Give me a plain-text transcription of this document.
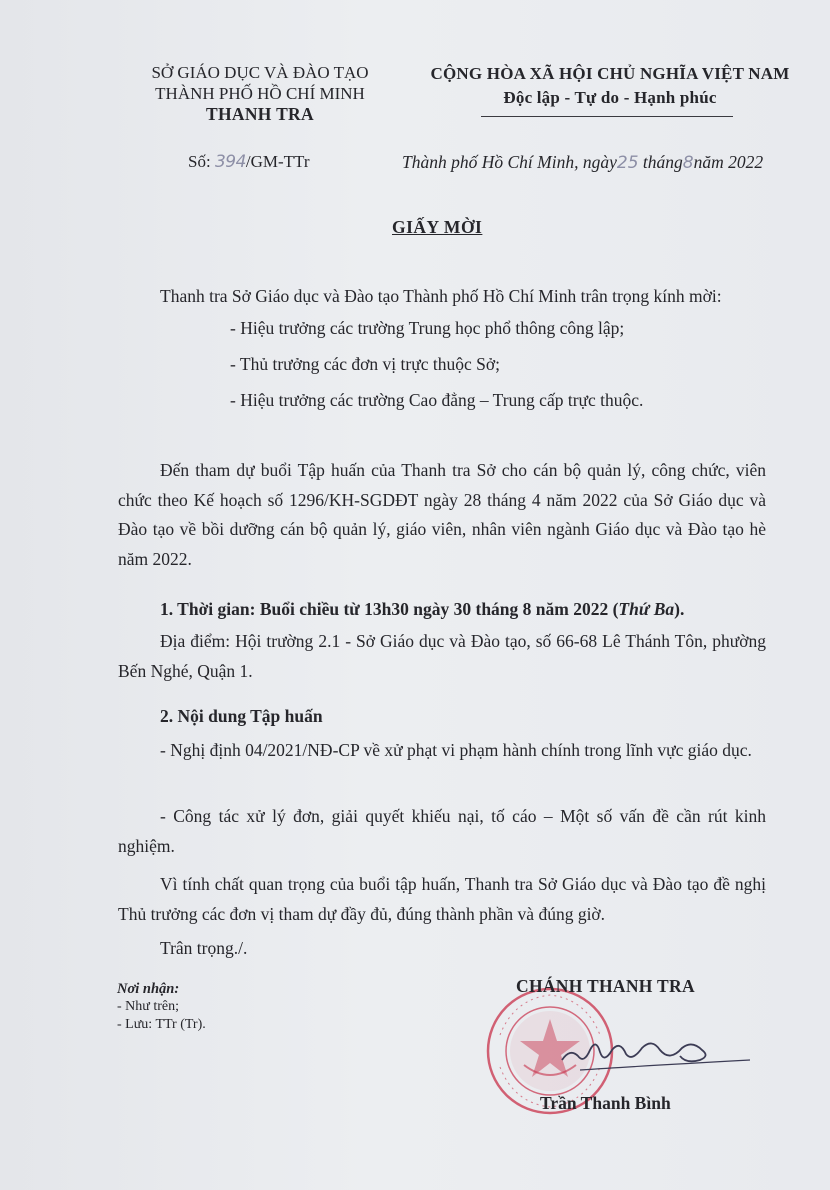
SỞ GIÁO DỤC VÀ ĐÀO TẠO
THÀNH PHỐ HỒ CHÍ MINH
THANH TRA
CỘNG HÒA XÃ HỘI CHỦ NGHĨA VIỆT NAM
Độc lập - Tự do - Hạnh phúc
Số: 394/GM-TTr	Thành phố Hồ Chí Minh, ngày25 tháng8năm 2022
GIẤY MỜI
Thanh tra Sở Giáo dục và Đào tạo Thành phố Hồ Chí Minh trân trọng kính mời:
- Hiệu trưởng các trường Trung học phổ thông công lập;
- Thủ trưởng các đơn vị trực thuộc Sở;
- Hiệu trưởng các trường Cao đẳng – Trung cấp trực thuộc.
Đến tham dự buổi Tập huấn của Thanh tra Sở cho cán bộ quản lý, công chức, viên chức theo Kế hoạch số 1296/KH-SGDĐT ngày 28 tháng 4 năm 2022 của Sở Giáo dục và Đào tạo về bồi dưỡng cán bộ quản lý, giáo viên, nhân viên ngành Giáo dục và Đào tạo hè năm 2022.
1. Thời gian: Buổi chiều từ 13h30 ngày 30 tháng 8 năm 2022 (Thứ Ba).
Địa điểm: Hội trường 2.1 - Sở Giáo dục và Đào tạo, số 66-68 Lê Thánh Tôn, phường Bến Nghé, Quận 1.
2. Nội dung Tập huấn
- Nghị định 04/2021/NĐ-CP về xử phạt vi phạm hành chính trong lĩnh vực giáo dục.
- Công tác xử lý đơn, giải quyết khiếu nại, tố cáo – Một số vấn đề cần rút kinh nghiệm.
Vì tính chất quan trọng của buổi tập huấn, Thanh tra Sở Giáo dục và Đào tạo đề nghị Thủ trưởng các đơn vị tham dự đầy đủ, đúng thành phần và đúng giờ.
Trân trọng./.
Nơi nhận:
- Như trên;
- Lưu: TTr (Tr).
CHÁNH THANH TRA
Trần Thanh Bình
